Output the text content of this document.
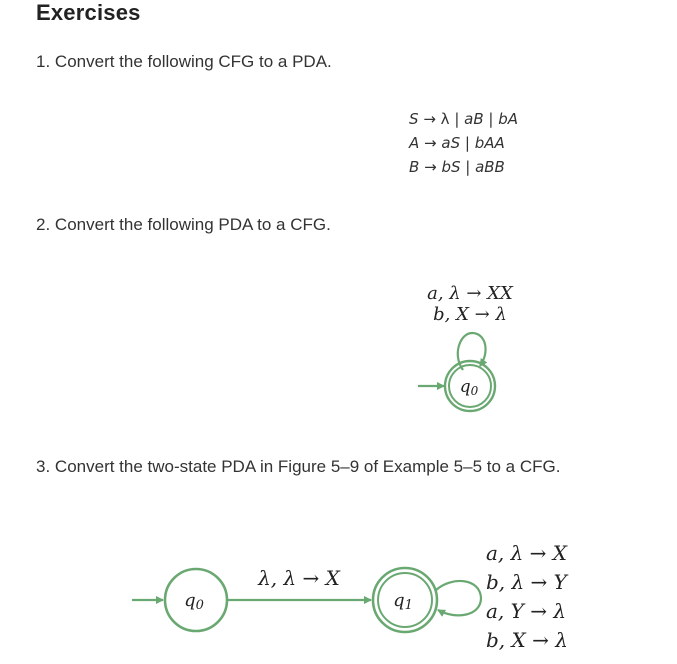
Exercises
1. Convert the following CFG to a PDA.
S → λ | aB | bA
A → aS | bAA
B → bS | aBB
2. Convert the following PDA to a CFG.
a, λ → XX
b, X → λ
q0
3. Convert the two-state PDA in Figure 5–9 of Example 5–5 to a CFG.
q0
λ, λ → X
q1
a, λ → X
b, λ → Y
a, Y → λ
b, X → λ
